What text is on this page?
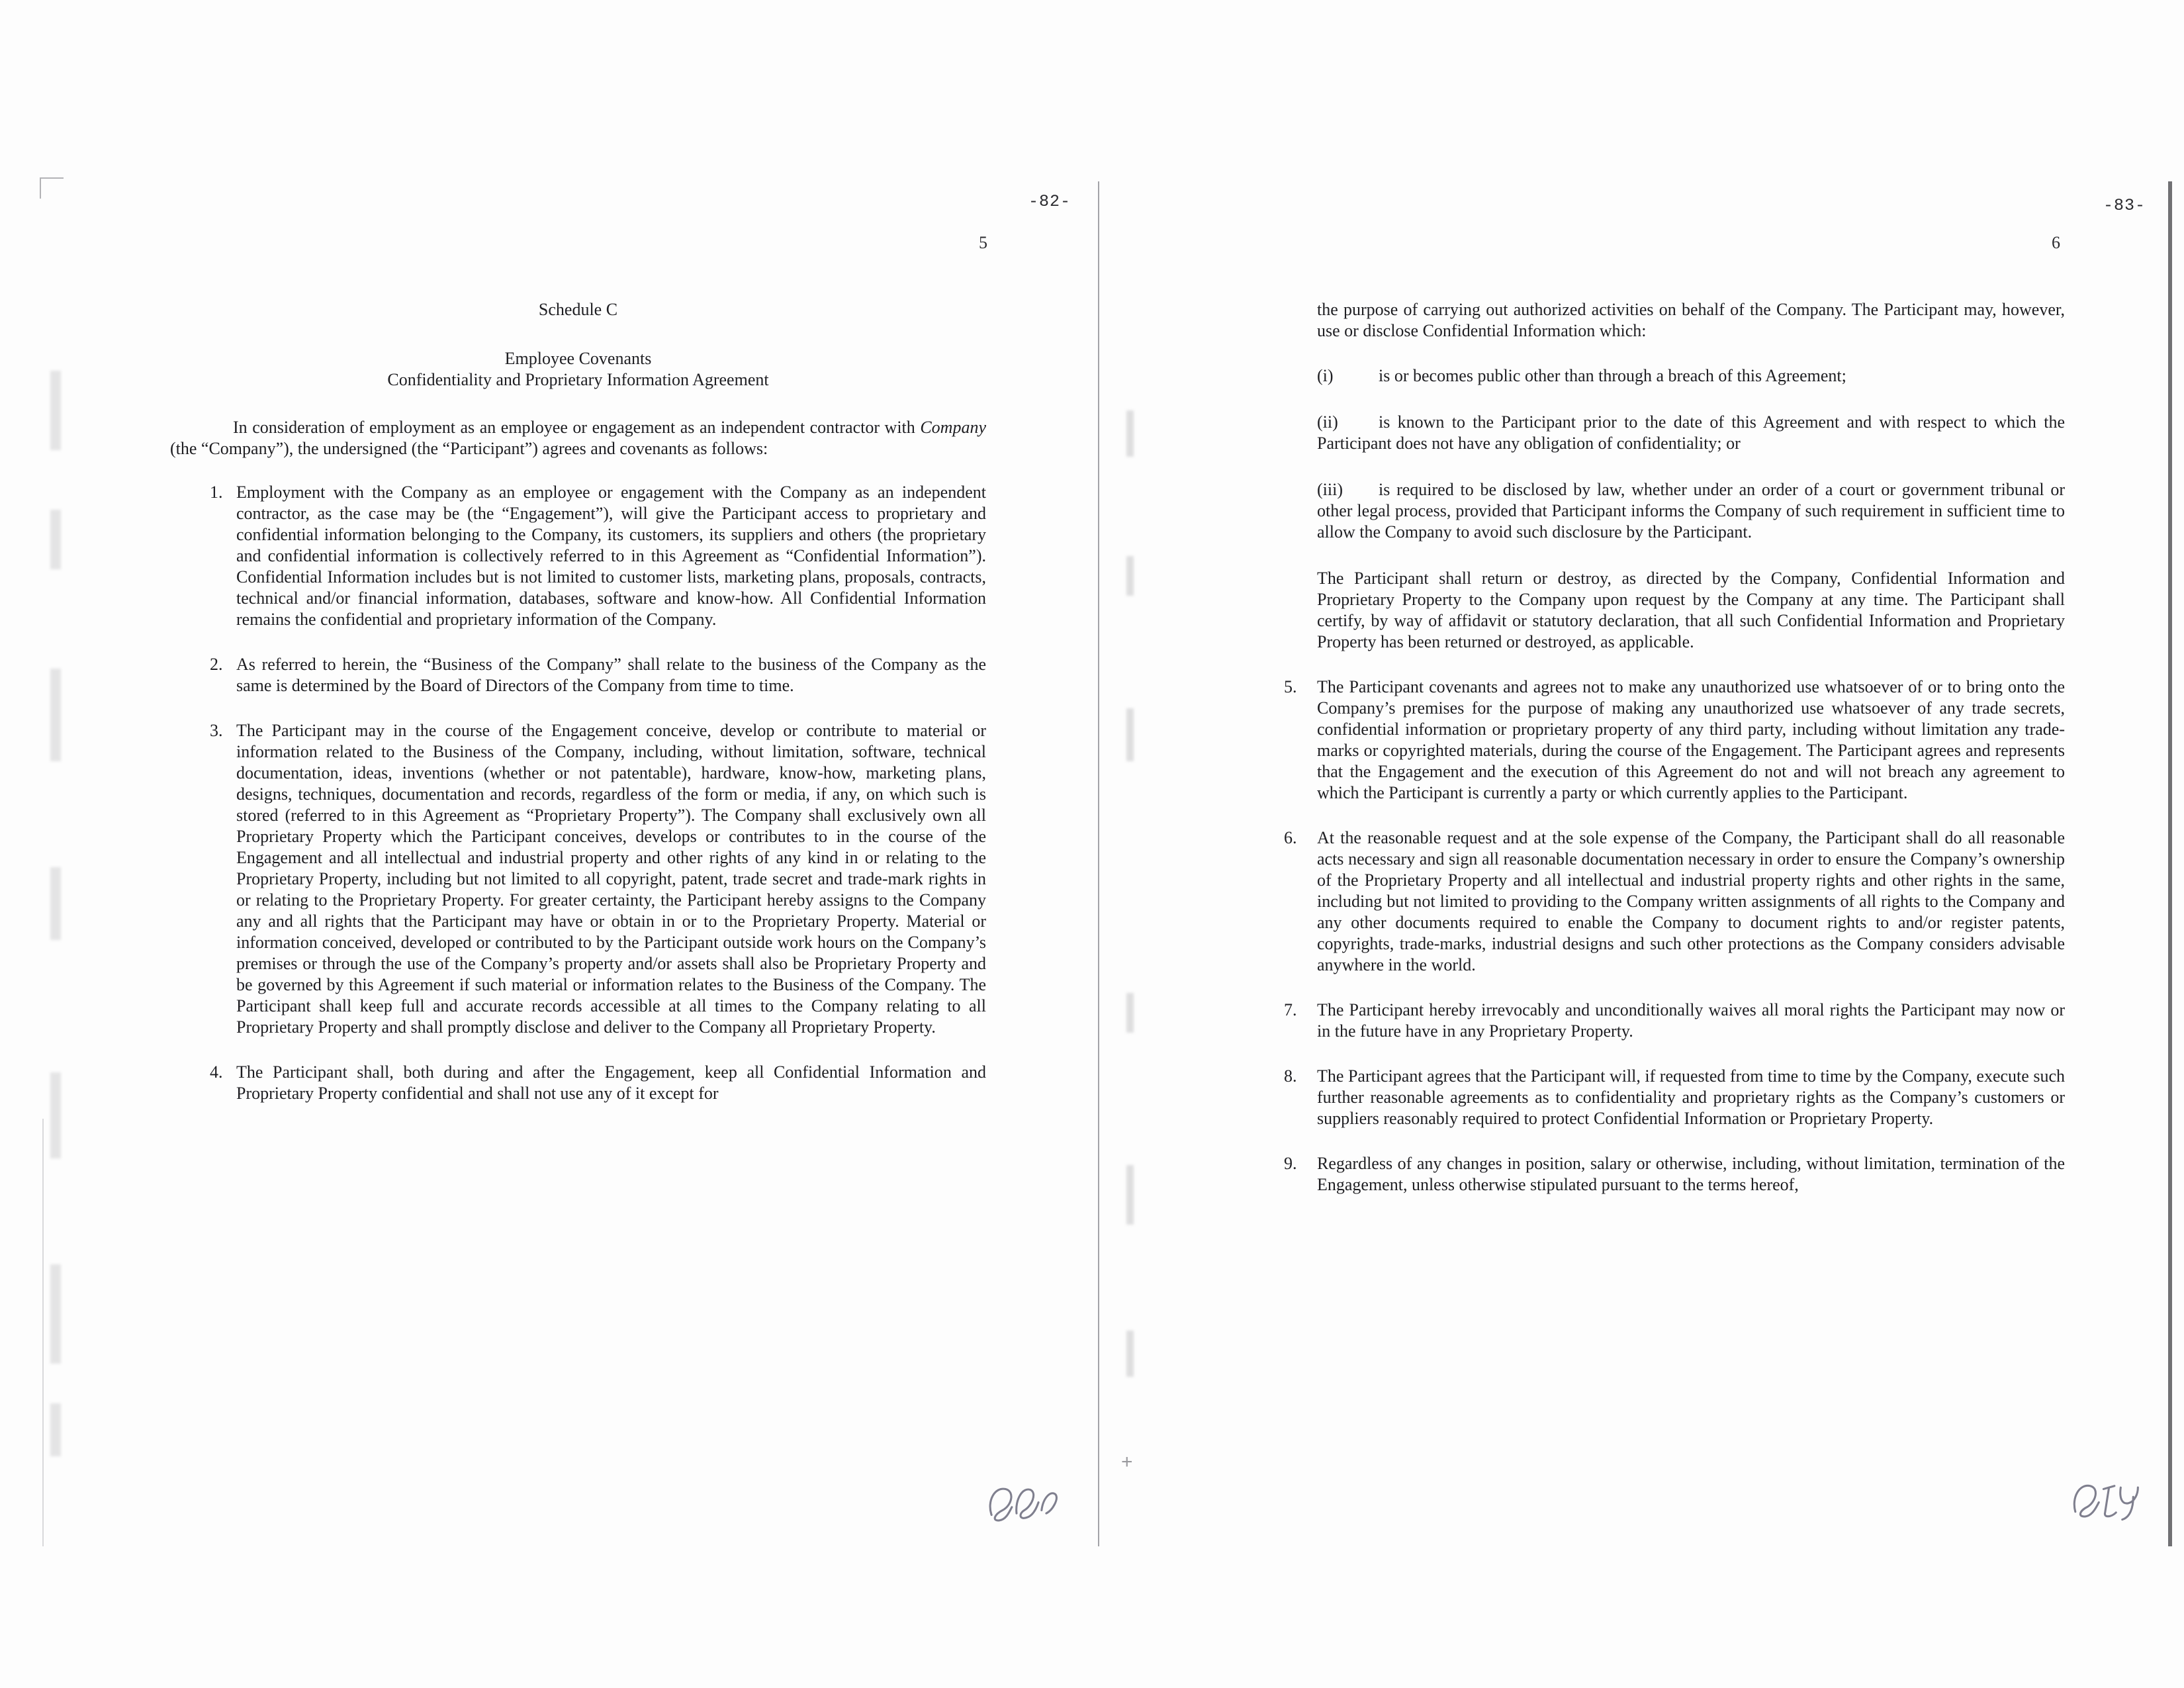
+
-82-
5
Schedule C
Employee Covenants
Confidentiality and Proprietary Information Agreement

In consideration of employment as an employee or engagement as an independent contractor with Company (the “Company”), the undersigned (the “Participant”) agrees and covenants as follows:

1. Employment with the Company as an employee or engagement with the Company as an independent contractor, as the case may be (the “Engagement”), will give the Participant access to proprietary and confidential information belonging to the Company, its customers, its suppliers and others (the proprietary and confidential information is collectively referred to in this Agreement as “Confidential Information”). Confidential Information includes but is not limited to customer lists, marketing plans, proposals, contracts, technical and/or financial information, databases, software and know-how. All Confidential Information remains the confidential and proprietary information of the Company.
2. As referred to herein, the “Business of the Company” shall relate to the business of the Company as the same is determined by the Board of Directors of the Company from time to time.
3. The Participant may in the course of the Engagement conceive, develop or contribute to material or information related to the Business of the Company, including, without limitation, software, technical documentation, ideas, inventions (whether or not patentable), hardware, know-how, marketing plans, designs, techniques, documentation and records, regardless of the form or media, if any, on which such is stored (referred to in this Agreement as “Proprietary Property”). The Company shall exclusively own all Proprietary Property which the Participant conceives, develops or contributes to in the course of the Engagement and all intellectual and industrial property and other rights of any kind in or relating to the Proprietary Property, including but not limited to all copyright, patent, trade secret and trade-mark rights in or relating to the Proprietary Property. For greater certainty, the Participant hereby assigns to the Company any and all rights that the Participant may have or obtain in or to the Proprietary Property. Material or information conceived, developed or contributed to by the Participant outside work hours on the Company’s premises or through the use of the Company’s property and/or assets shall also be Proprietary Property and be governed by this Agreement if such material or information relates to the Business of the Company. The Participant shall keep full and accurate records accessible at all times to the Company relating to all Proprietary Property and shall promptly disclose and deliver to the Company all Proprietary Property.
4. The Participant shall, both during and after the Engagement, keep all Confidential Information and Proprietary Property confidential and shall not use any of it except for
-83-
6

the purpose of carrying out authorized activities on behalf of the Company. The Participant may, however, use or disclose Confidential Information which:

(i)	is or becomes public other than through a breach of this Agreement;
(ii) is known to the Participant prior to the date of this Agreement and with respect to which the Participant does not have any obligation of confidentiality; or
(iii) is required to be disclosed by law, whether under an order of a court or government tribunal or other legal process, provided that Participant informs the Company of such requirement in sufficient time to allow the Company to avoid such disclosure by the Participant.

The Participant shall return or destroy, as directed by the Company, Confidential Information and Proprietary Property to the Company upon request by the Company at any time. The Participant shall certify, by way of affidavit or statutory declaration, that all such Confidential Information and Proprietary Property has been returned or destroyed, as applicable.

5.	The Participant covenants and agrees not to make any unauthorized use whatsoever of or to bring onto the Company’s premises for the purpose of making any unauthorized use whatsoever of any trade secrets, confidential information or proprietary property of any third party, including without limitation any trade-marks or copyrighted materials, during the course of the Engagement. The Participant agrees and represents that the Engagement and the execution of this Agreement do not and will not breach any agreement to which the Participant is currently a party or which currently applies to the Participant.
6.	At the reasonable request and at the sole expense of the Company, the Participant shall do all reasonable acts necessary and sign all reasonable documentation necessary in order to ensure the Company’s ownership of the Proprietary Property and all intellectual and industrial property rights and other rights in the same, including but not limited to providing to the Company written assignments of all rights to the Company and any other documents required to enable the Company to document rights to and/or register patents, copyrights, trade-marks, industrial designs and such other protections as the Company considers advisable anywhere in the world.
7.	The Participant hereby irrevocably and unconditionally waives all moral rights the Participant may now or in the future have in any Proprietary Property.
8.	The Participant agrees that the Participant will, if requested from time to time by the Company, execute such further reasonable agreements as to confidentiality and proprietary rights as the Company’s customers or suppliers reasonably required to protect Confidential Information or Proprietary Property.
9.	Regardless of any changes in position, salary or otherwise, including, without limitation, termination of the Engagement, unless otherwise stipulated pursuant to the terms hereof,
